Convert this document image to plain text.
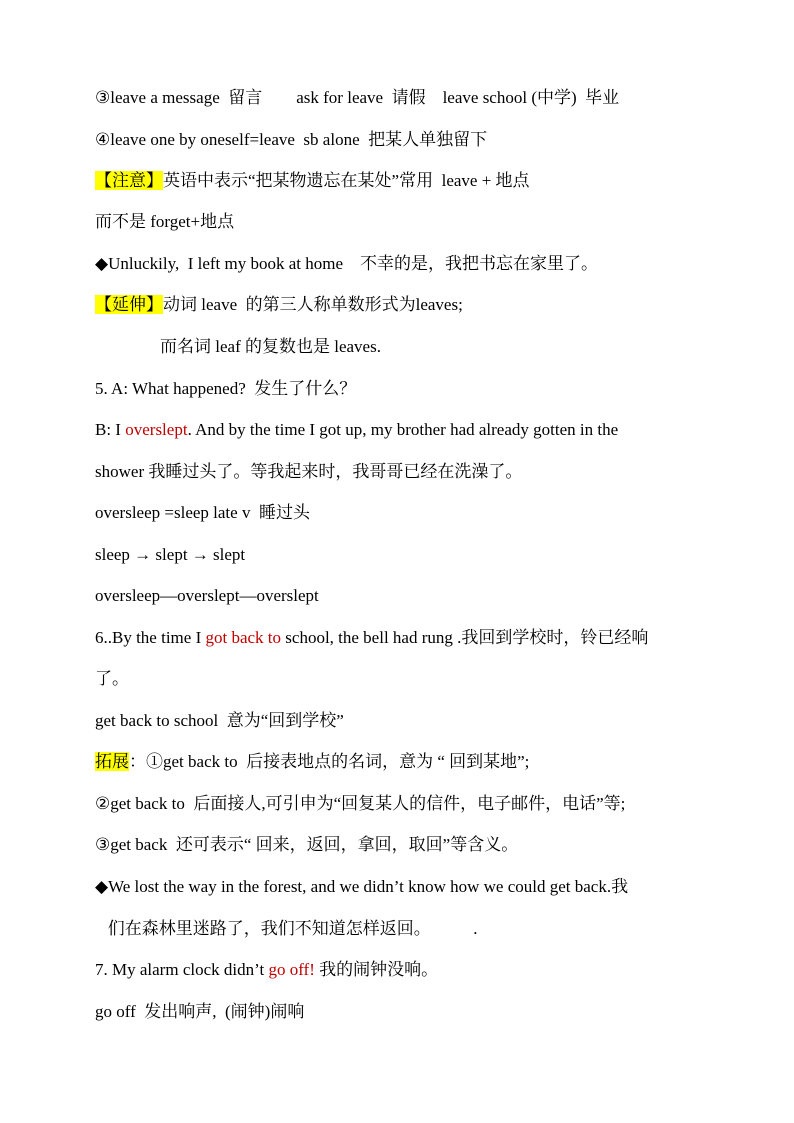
③leave a message  留言        ask for leave  请假    leave school (中学)  毕业
④leave one by oneself=leave  sb alone  把某人单独留下
【注意】英语中表示“把某物遗忘在某处”常用  leave + 地点
而不是 forget+地点
◆Unluckily,  I left my book at home    不幸的是，我把书忘在家里了。
【延伸】动词 leave  的第三人称单数形式为leaves;
而名词 leaf 的复数也是 leaves.
5. A: What happened?  发生了什么？
B: I overslept. And by the time I got up, my brother had already gotten in the
shower 我睡过头了。等我起来时，我哥哥已经在洗澡了。
oversleep =sleep late v  睡过头
sleep → slept → slept
oversleep—overslept—overslept
6..By the time I got back to school, the bell had rung .我回到学校时，铃已经响
了。
get back to school  意为“回到学校”
拓展：①get back to  后接表地点的名词，意为 “ 回到某地”;
②get back to  后面接人,可引申为“回复某人的信件，电子邮件，电话”等;
③get back  还可表示“ 回来，返回，拿回，取回”等含义。
◆We lost the way in the forest, and we didn’t know how we could get back.我
们在森林里迷路了，我们不知道怎样返回。          .
7. My alarm clock didn’t go off! 我的闹钟没响。
go off  发出响声,  (闹钟)闹响
